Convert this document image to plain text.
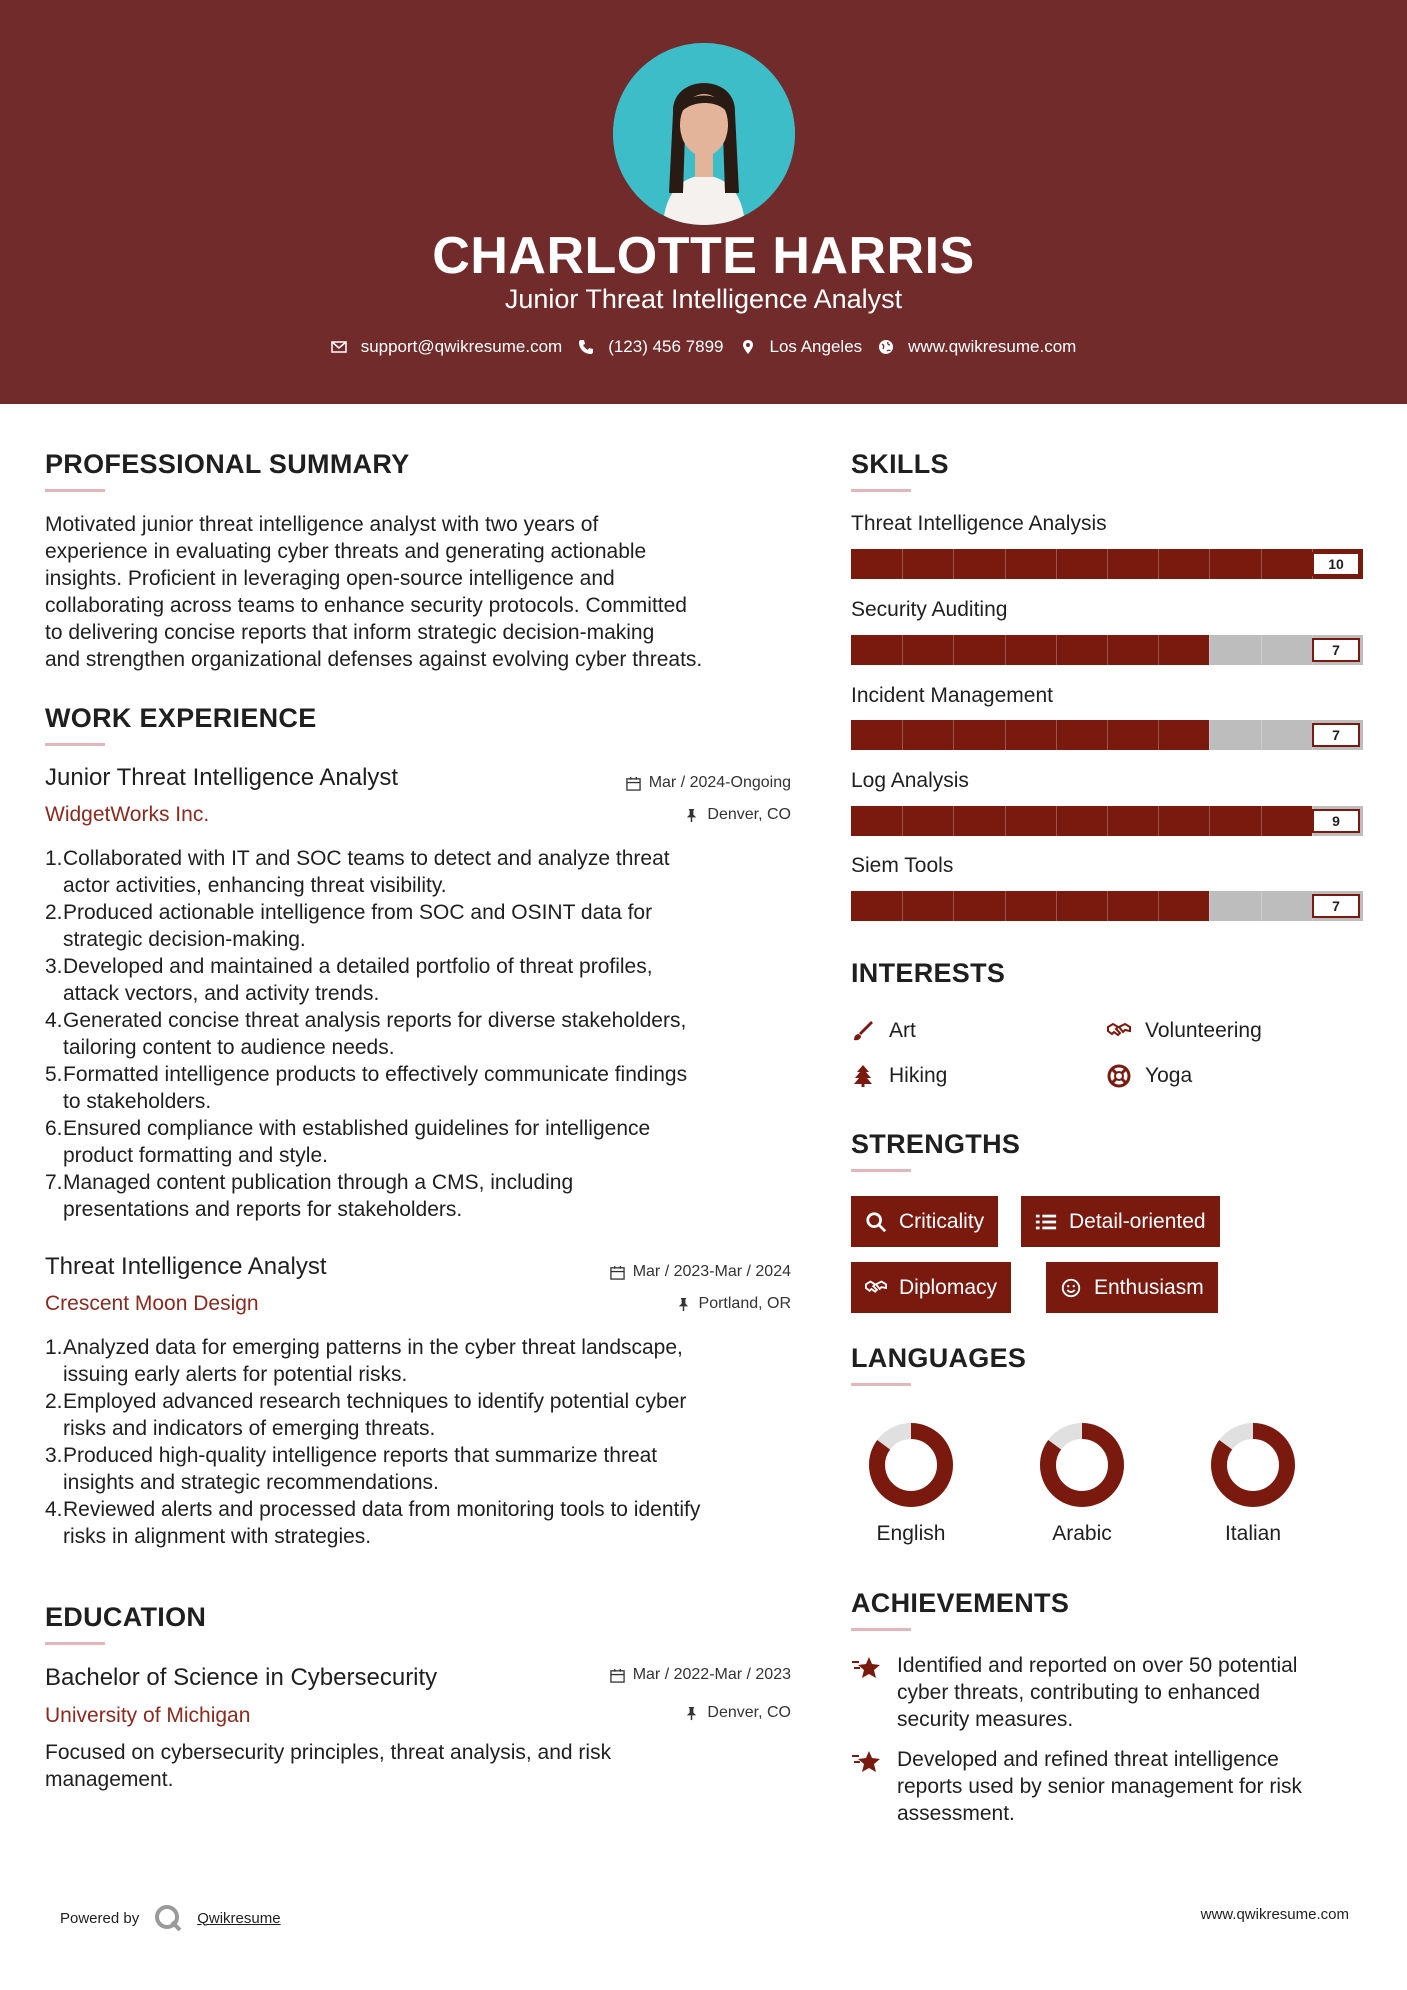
CHARLOTTE HARRIS
Junior Threat Intelligence Analyst
support@qwikresume.com	(123) 456 7899	Los Angeles	www.qwikresume.com
PROFESSIONAL SUMMARY
Motivated junior threat intelligence analyst with two years of
experience in evaluating cyber threats and generating actionable
insights. Proficient in leveraging open-source intelligence and
collaborating across teams to enhance security protocols. Committed
to delivering concise reports that inform strategic decision-making
and strengthen organizational defenses against evolving cyber threats.
WORK EXPERIENCE
Junior Threat Intelligence Analyst	Mar / 2024-Ongoing
WidgetWorks Inc.	Denver, CO
1. Collaborated with IT and SOC teams to detect and analyze threat
actor activities, enhancing threat visibility.
2. Produced actionable intelligence from SOC and OSINT data for
strategic decision-making.
3. Developed and maintained a detailed portfolio of threat profiles,
attack vectors, and activity trends.
4. Generated concise threat analysis reports for diverse stakeholders,
tailoring content to audience needs.
5. Formatted intelligence products to effectively communicate findings
to stakeholders.
6. Ensured compliance with established guidelines for intelligence
product formatting and style.
7. Managed content publication through a CMS, including
presentations and reports for stakeholders.
Threat Intelligence Analyst	Mar / 2023-Mar / 2024
Crescent Moon Design	Portland, OR
1. Analyzed data for emerging patterns in the cyber threat landscape,
issuing early alerts for potential risks.
2. Employed advanced research techniques to identify potential cyber
risks and indicators of emerging threats.
3. Produced high-quality intelligence reports that summarize threat
insights and strategic recommendations.
4. Reviewed alerts and processed data from monitoring tools to identify
risks in alignment with strategies.
EDUCATION
Bachelor of Science in Cybersecurity	Mar / 2022-Mar / 2023
University of Michigan	Denver, CO
Focused on cybersecurity principles, threat analysis, and risk
management.
SKILLS
Threat Intelligence Analysis
10
Security Auditing
7
Incident Management
7
Log Analysis
9
Siem Tools
7
INTERESTS
Art	Volunteering
Hiking	Yoga
STRENGTHS
Criticality	Detail-oriented
Diplomacy	Enthusiasm
LANGUAGES
English	Arabic	Italian
ACHIEVEMENTS
Identified and reported on over 50 potential
cyber threats, contributing to enhanced
security measures.
Developed and refined threat intelligence
reports used by senior management for risk
assessment.
Powered by	Qwikresume	www.qwikresume.com
